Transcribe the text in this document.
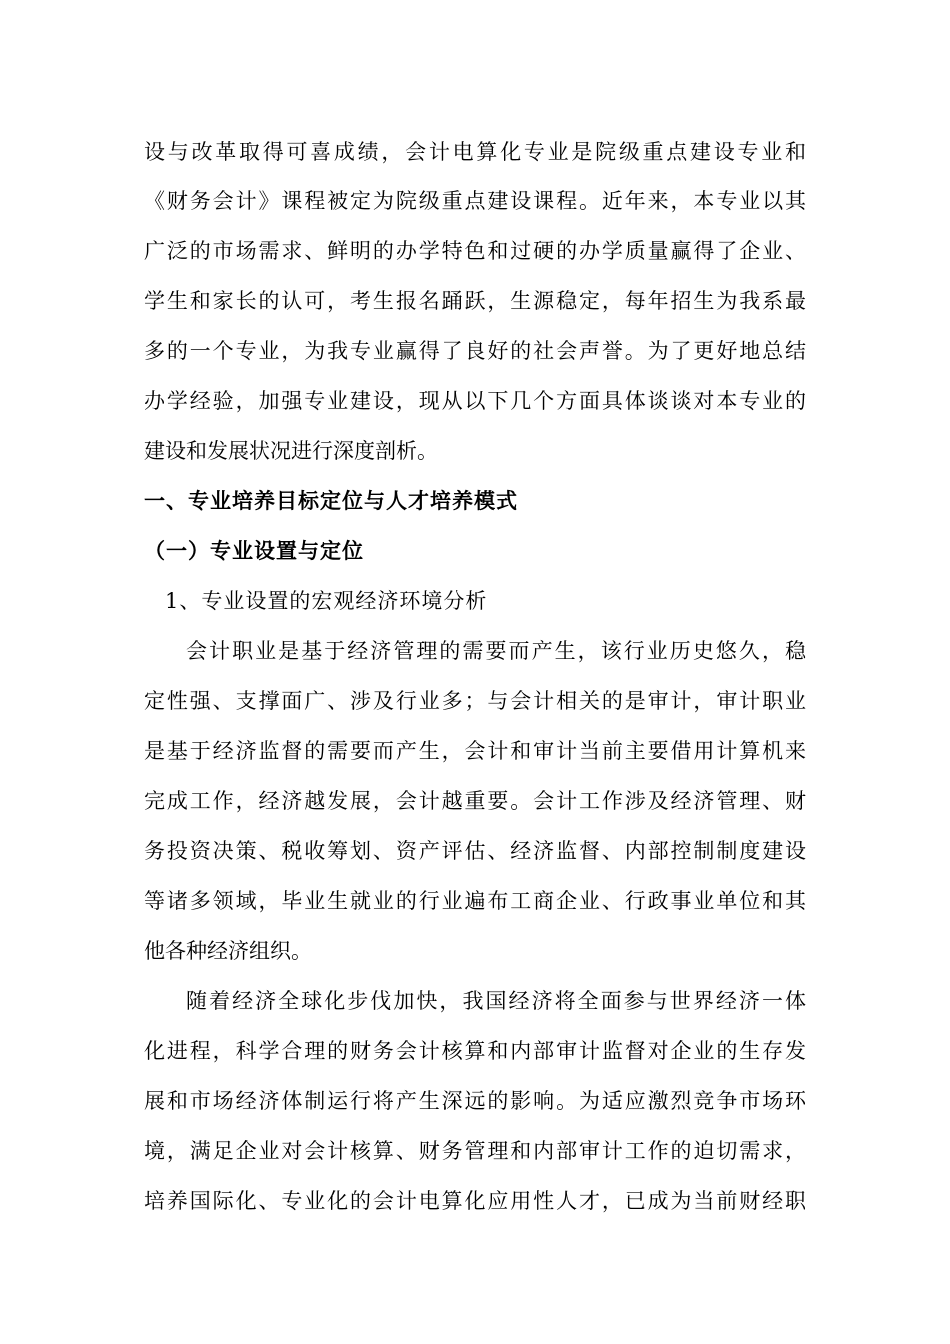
设与改革取得可喜成绩，会计电算化专业是院级重点建设专业和
《财务会计》课程被定为院级重点建设课程。近年来，本专业以其
广泛的市场需求、鲜明的办学特色和过硬的办学质量赢得了企业、
学生和家长的认可，考生报名踊跃，生源稳定，每年招生为我系最
多的一个专业，为我专业赢得了良好的社会声誉。为了更好地总结
办学经验，加强专业建设，现从以下几个方面具体谈谈对本专业的
建设和发展状况进行深度剖析。
一、专业培养目标定位与人才培养模式
（一）专业设置与定位
1、专业设置的宏观经济环境分析
会计职业是基于经济管理的需要而产生，该行业历史悠久，稳
定性强、支撑面广、涉及行业多；与会计相关的是审计，审计职业
是基于经济监督的需要而产生，会计和审计当前主要借用计算机来
完成工作，经济越发展，会计越重要。会计工作涉及经济管理、财
务投资决策、税收筹划、资产评估、经济监督、内部控制制度建设
等诸多领域，毕业生就业的行业遍布工商企业、行政事业单位和其
他各种经济组织。
随着经济全球化步伐加快，我国经济将全面参与世界经济一体
化进程，科学合理的财务会计核算和内部审计监督对企业的生存发
展和市场经济体制运行将产生深远的影响。为适应激烈竞争市场环
境，满足企业对会计核算、财务管理和内部审计工作的迫切需求，
培养国际化、专业化的会计电算化应用性人才，已成为当前财经职
